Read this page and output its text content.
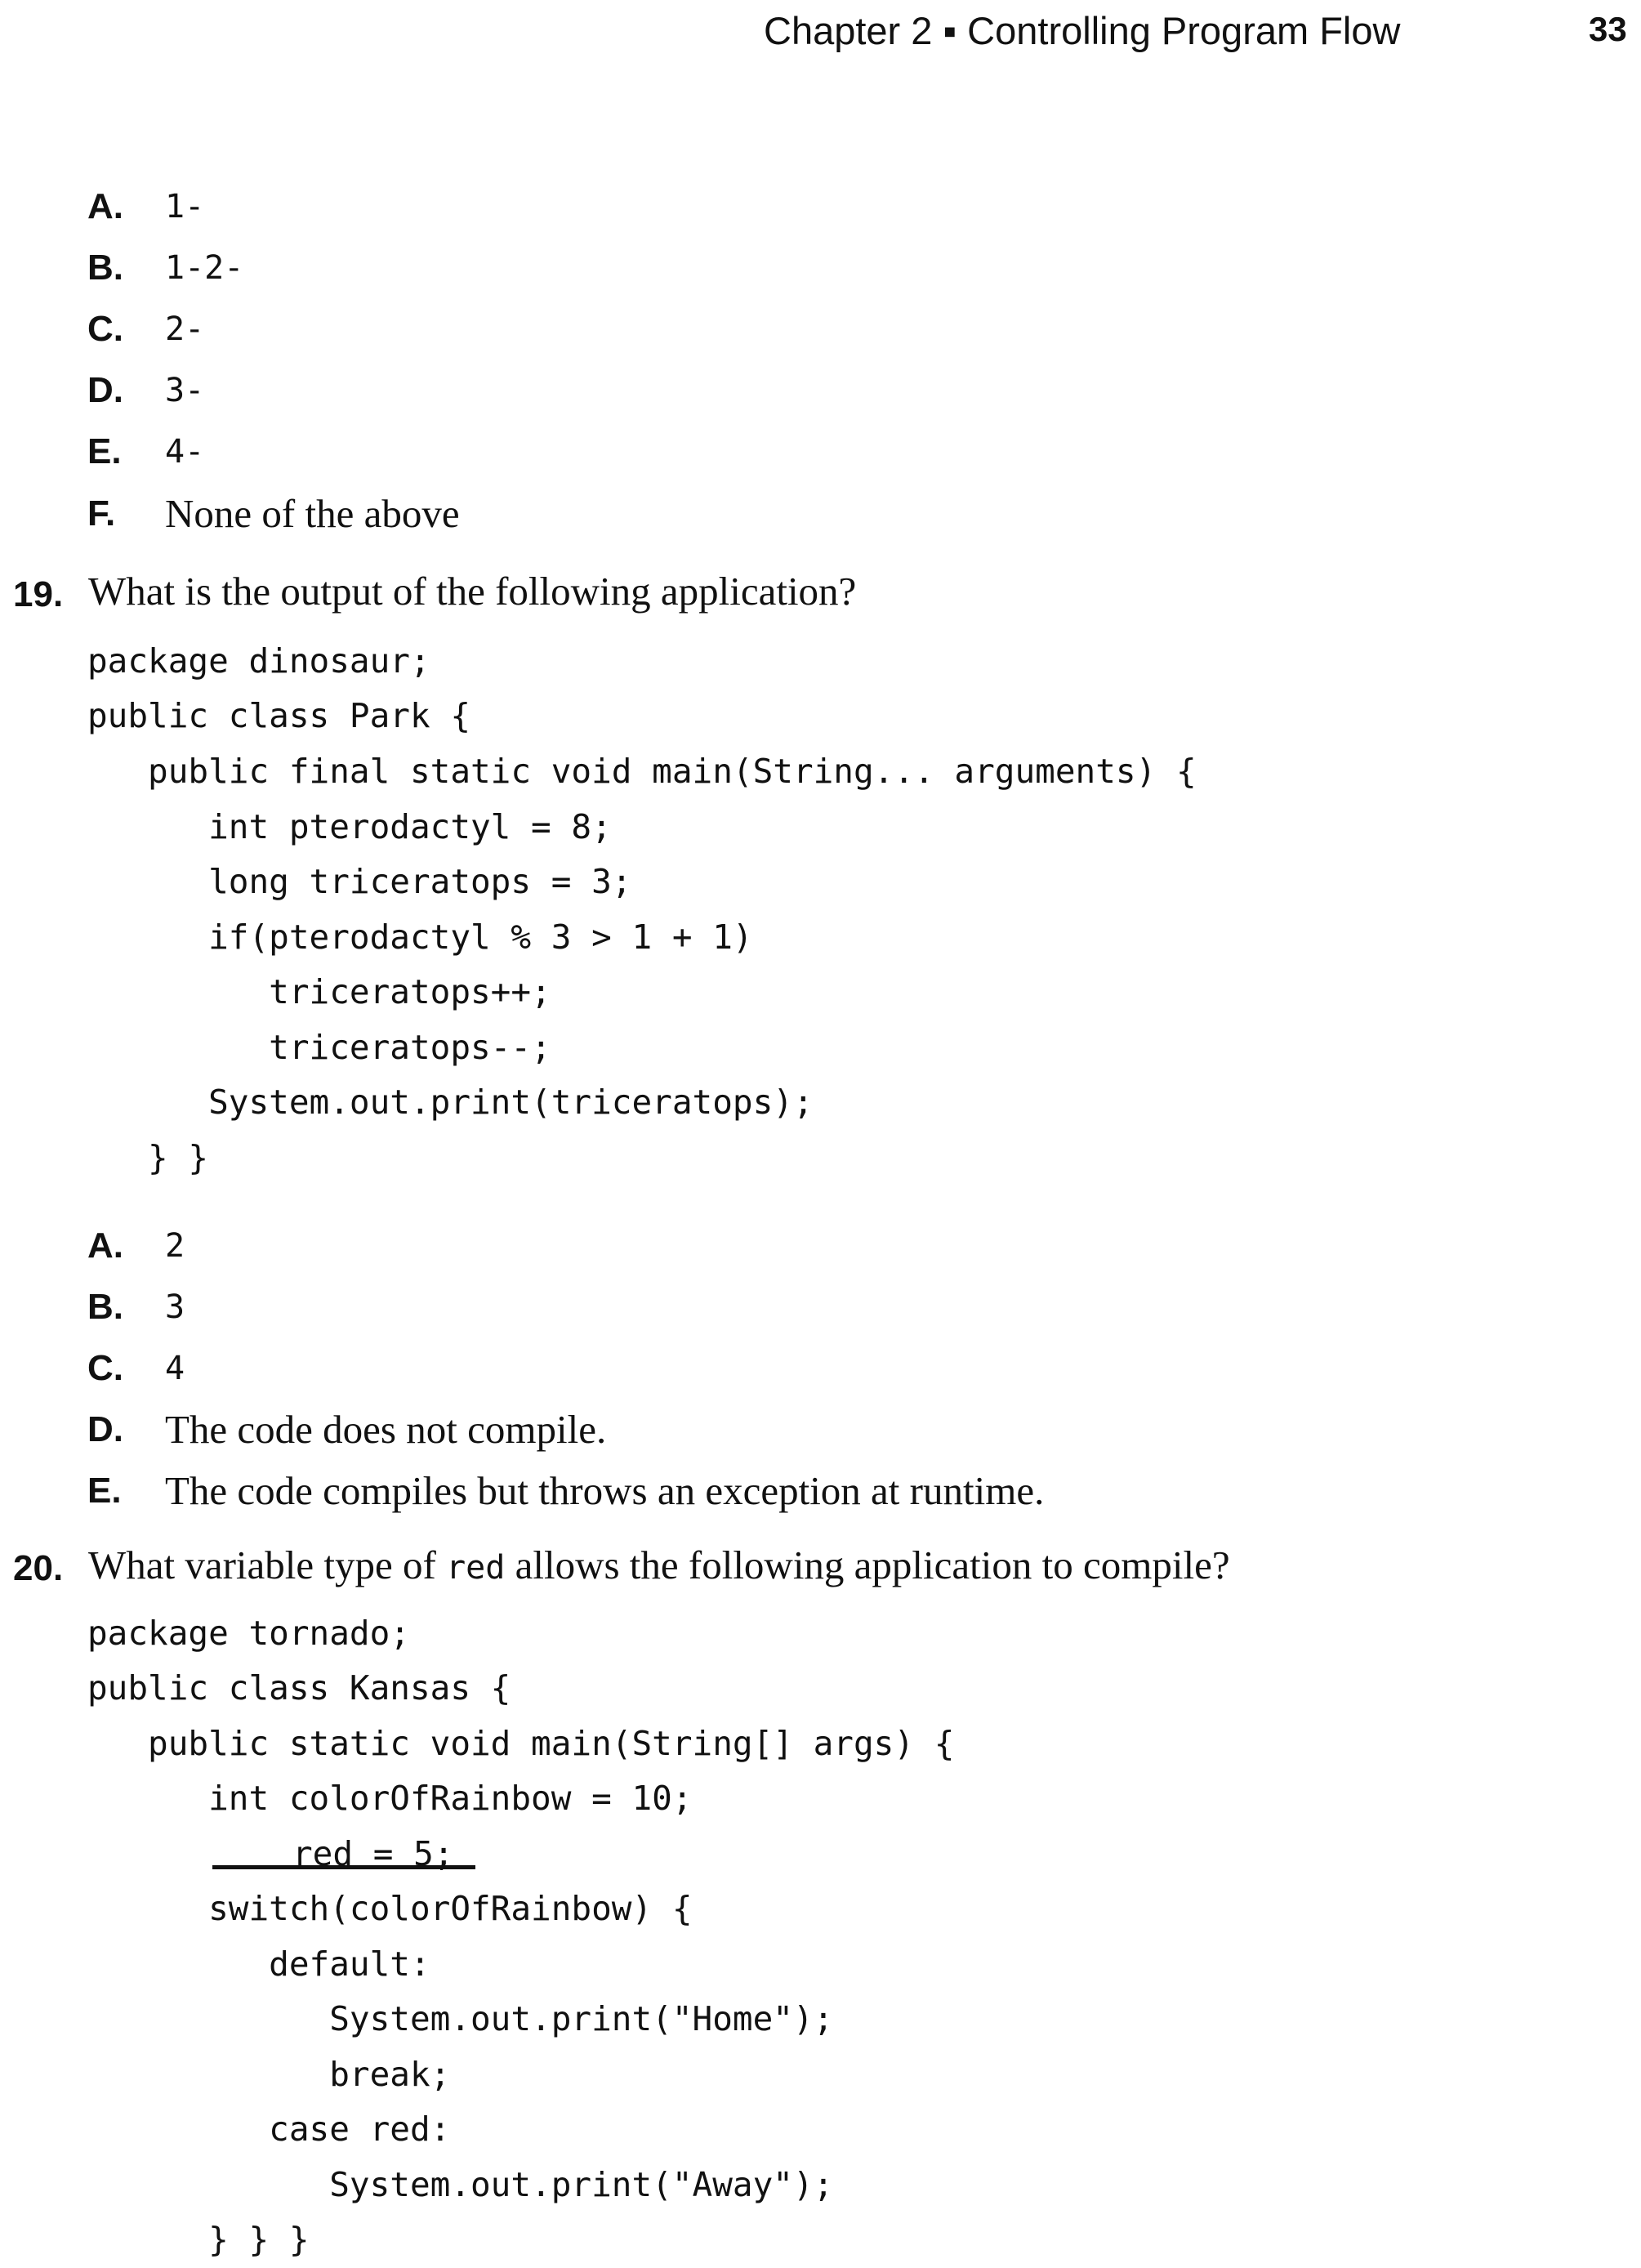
Chapter 2 ▪ Controlling Program Flow	33
A. 1-
B. 1-2-
C. 2-
D. 3-
E. 4-
F. None of the above
19. What is the output of the following application?
package dinosaur;
public class Park {
public final static void main(String... arguments) {
int pterodactyl = 8;
long triceratops = 3;
if(pterodactyl % 3 > 1 + 1)
triceratops++;
triceratops--;
System.out.print(triceratops);
} }
A. 2
B. 3
C. 4
D. The code does not compile.
E. The code compiles but throws an exception at runtime.
20. What variable type of red allows the following application to compile?
package tornado;
public class Kansas {
public static void main(String[] args) {
int colorOfRainbow = 10;
red = 5;
switch(colorOfRainbow) {
default:
System.out.print("Home");
break;
case red:
System.out.print("Away");
} } }
